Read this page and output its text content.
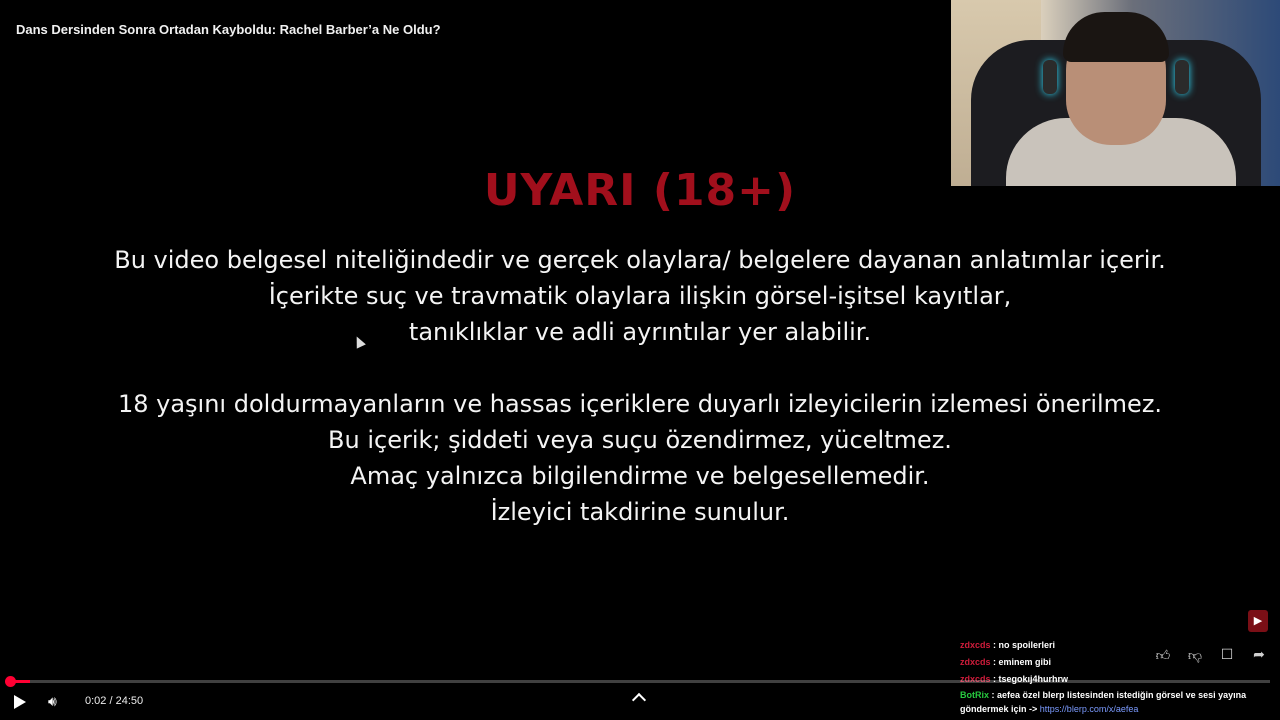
Dans Dersinden Sonra Ortadan Kayboldu: Rachel Barber’a Ne Oldu?
UYARI (18+)
Bu video belgesel niteliğindedir ve gerçek olaylara/ belgelere dayanan anlatımlar içerir.
İçerikte suç ve travmatik olaylara ilişkin görsel-işitsel kayıtlar,
tanıklıklar ve adli ayrıntılar yer alabilir.
18 yaşını doldurmayanların ve hassas içeriklere duyarlı izleyicilerin izlemesi önerilmez.
Bu içerik; şiddeti veya suçu özendirmez, yüceltmez.
Amaç yalnızca bilgilendirme ve belgesellemedir.
İzleyici takdirine sunulur.
▶
zdxcds : no spoilerleri
zdxcds : eminem gibi
zdxcds : tsegokıj4hurhrw
BotRix : aefea özel blerp listesinden istediğin görsel ve sesi yayına göndermek için -> https://blerp.com/x/aefea
👍︎ 👎︎	☐	➦
🔊︎	0:02 / 24:50
